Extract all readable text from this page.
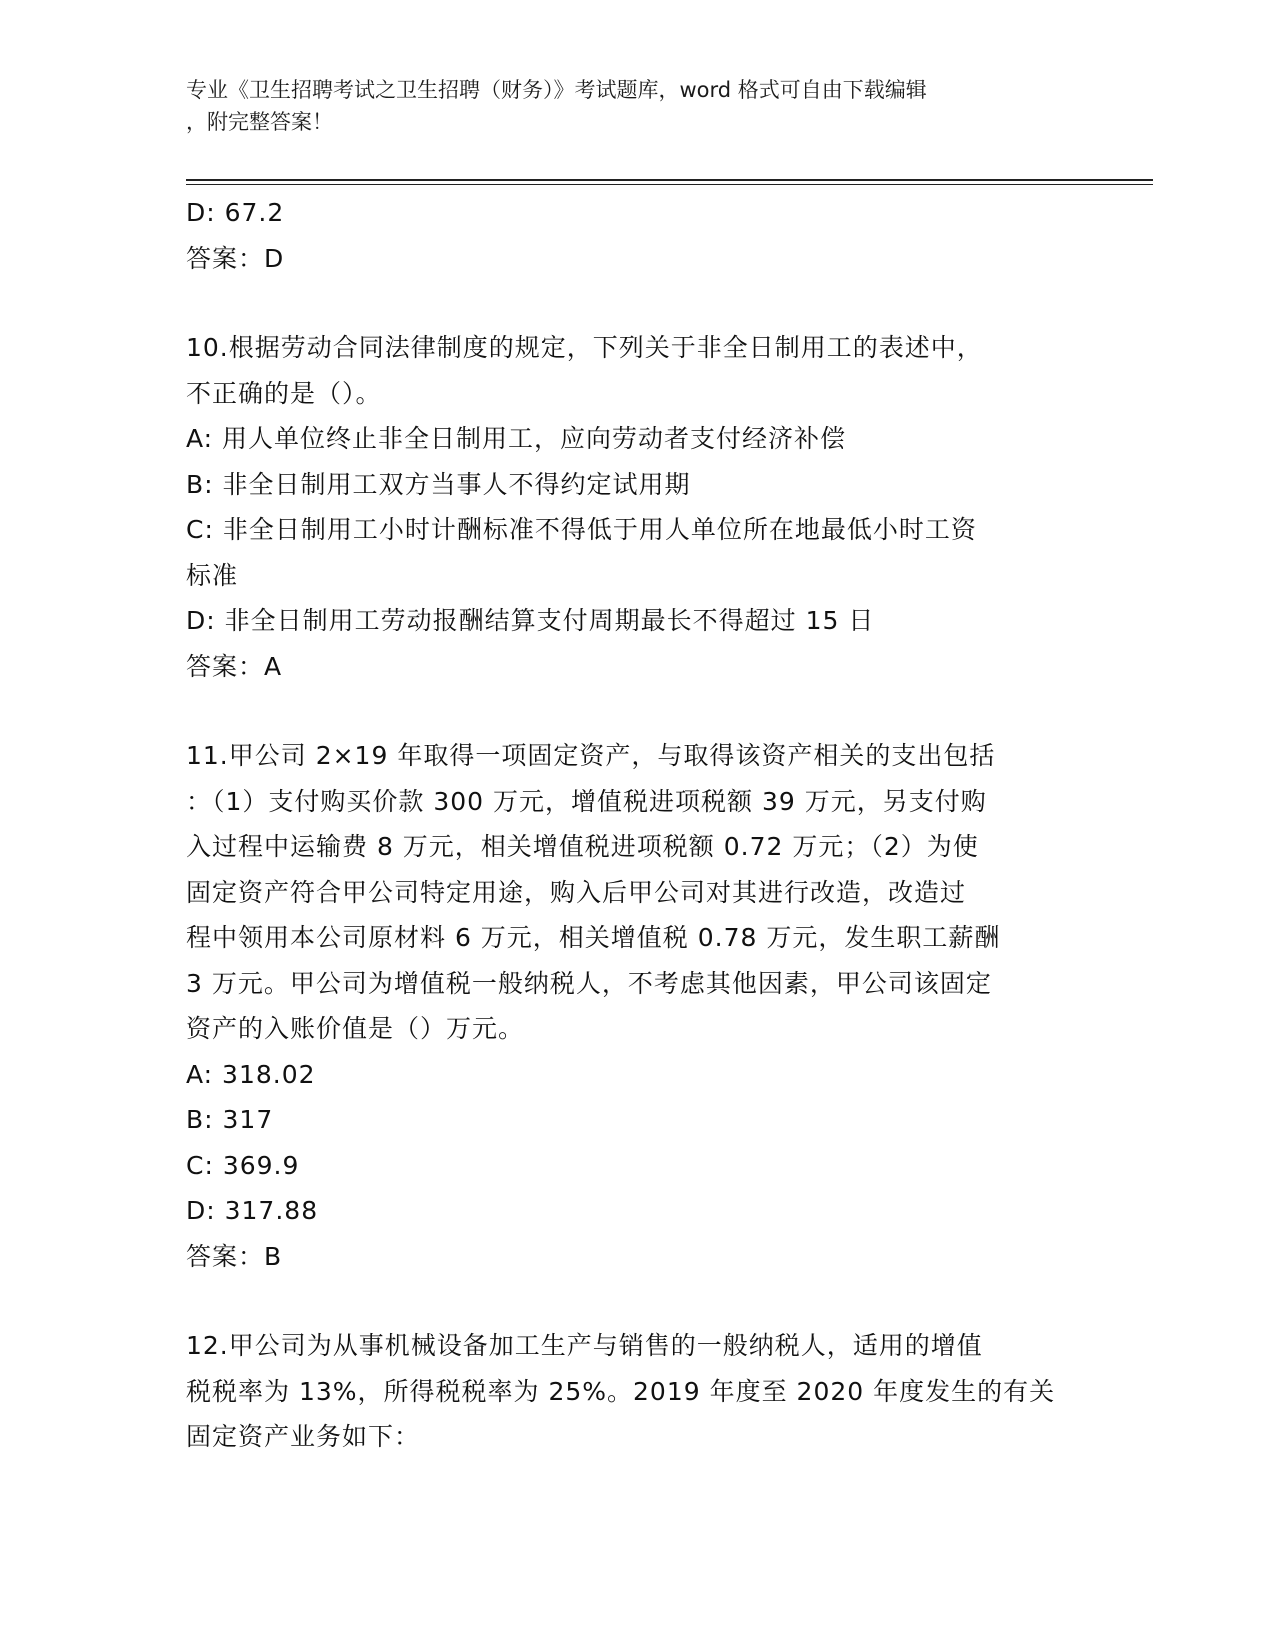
专业《卫生招聘考试之卫生招聘（财务）》考试题库，word 格式可自由下载编辑
，附完整答案！
D: 67.2
答案：D
10.根据劳动合同法律制度的规定，下列关于非全日制用工的表述中，
不正确的是（）。
A: 用人单位终止非全日制用工，应向劳动者支付经济补偿
B: 非全日制用工双方当事人不得约定试用期
C: 非全日制用工小时计酬标准不得低于用人单位所在地最低小时工资
标准
D: 非全日制用工劳动报酬结算支付周期最长不得超过 15 日
答案：A
11.甲公司 2×19 年取得一项固定资产，与取得该资产相关的支出包括
：（1）支付购买价款 300 万元，增值税进项税额 39 万元，另支付购
入过程中运输费 8 万元，相关增值税进项税额 0.72 万元；（2）为使
固定资产符合甲公司特定用途，购入后甲公司对其进行改造，改造过
程中领用本公司原材料 6 万元，相关增值税 0.78 万元，发生职工薪酬
3 万元。甲公司为增值税一般纳税人，不考虑其他因素，甲公司该固定
资产的入账价值是（）万元。
A: 318.02
B: 317
C: 369.9
D: 317.88
答案：B
12.甲公司为从事机械设备加工生产与销售的一般纳税人，适用的增值
税税率为 13%，所得税税率为 25%。2019 年度至 2020 年度发生的有关
固定资产业务如下：
